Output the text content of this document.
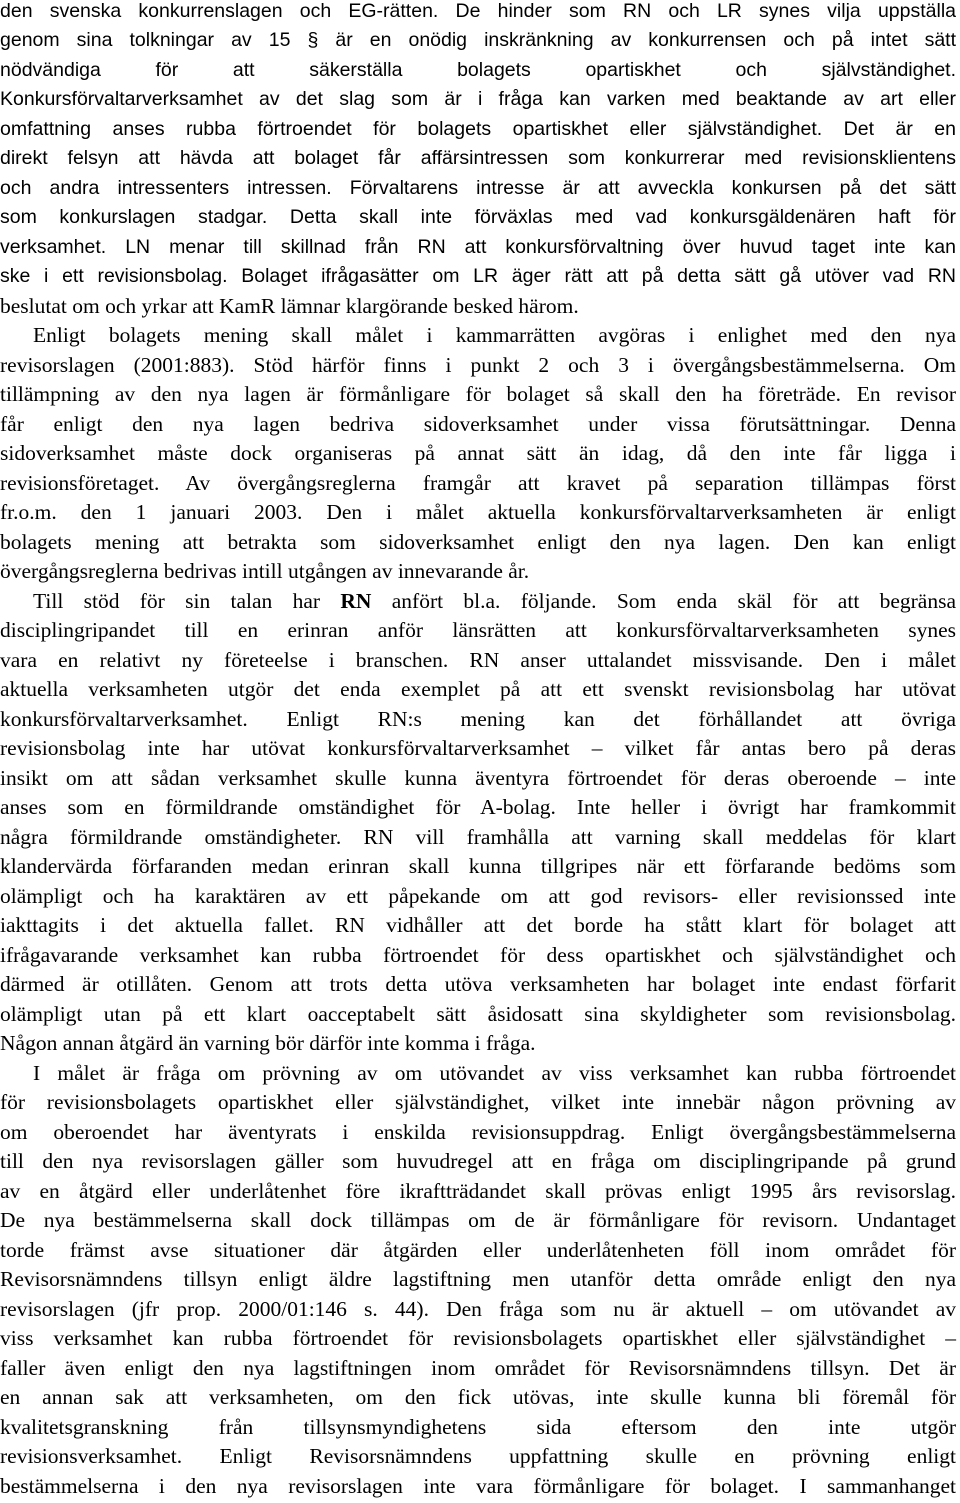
den svenska konkurrenslagen och EG-rätten. De hinder som RN och LR synes vilja uppställa
genom sina tolkningar av 15 § är en onödig inskränkning av konkurrensen och på intet sätt
nödvändiga för att säkerställa bolagets opartiskhet och självständighet.
Konkursförvaltarverksamhet av det slag som är i fråga kan varken med beaktande av art eller
omfattning anses rubba förtroendet för bolagets opartiskhet eller självständighet. Det är en
direkt felsyn att hävda att bolaget får affärsintressen som konkurrerar med revisionsklientens
och andra intressenters intressen. Förvaltarens intresse är att avveckla konkursen på det sätt
som konkurslagen stadgar. Detta skall inte förväxlas med vad konkursgäldenären haft för
verksamhet. LN menar till skillnad från RN att konkursförvaltning över huvud taget inte kan
ske i ett revisionsbolag. Bolaget ifrågasätter om LR äger rätt att på detta sätt gå utöver vad RN
beslutat om och yrkar att KamR lämnar klargörande besked härom.
Enligt bolagets mening skall målet i kammarrätten avgöras i enlighet med den nya
revisorslagen (2001:883). Stöd härför finns i punkt 2 och 3 i övergångsbestämmelserna. Om
tillämpning av den nya lagen är förmånligare för bolaget så skall den ha företräde. En revisor
får enligt den nya lagen bedriva sidoverksamhet under vissa förutsättningar. Denna
sidoverksamhet måste dock organiseras på annat sätt än idag, då den inte får ligga i
revisionsföretaget. Av övergångsreglerna framgår att kravet på separation tillämpas först
fr.o.m. den 1 januari 2003. Den i målet aktuella konkursförvaltarverksamheten är enligt
bolagets mening att betrakta som sidoverksamhet enligt den nya lagen. Den kan enligt
övergångsreglerna bedrivas intill utgången av innevarande år.
Till stöd för sin talan har RN anfört bl.a. följande. Som enda skäl för att begränsa
disciplingripandet till en erinran anför länsrätten att konkursförvaltarverksamheten synes
vara en relativt ny företeelse i branschen. RN anser uttalandet missvisande. Den i målet
aktuella verksamheten utgör det enda exemplet på att ett svenskt revisionsbolag har utövat
konkursförvaltarverksamhet. Enligt RN:s mening kan det förhållandet att övriga
revisionsbolag inte har utövat konkursförvaltarverksamhet – vilket får antas bero på deras
insikt om att sådan verksamhet skulle kunna äventyra förtroendet för deras oberoende – inte
anses som en förmildrande omständighet för A-bolag. Inte heller i övrigt har framkommit
några förmildrande omständigheter. RN vill framhålla att varning skall meddelas för klart
klandervärda förfaranden medan erinran skall kunna tillgripes när ett förfarande bedöms som
olämpligt och ha karaktären av ett påpekande om att god revisors- eller revisionssed inte
iakttagits i det aktuella fallet. RN vidhåller att det borde ha stått klart för bolaget att
ifrågavarande verksamhet kan rubba förtroendet för dess opartiskhet och självständighet och
därmed är otillåten. Genom att trots detta utöva verksamheten har bolaget inte endast förfarit
olämpligt utan på ett klart oacceptabelt sätt åsidosatt sina skyldigheter som revisionsbolag.
Någon annan åtgärd än varning bör därför inte komma i fråga.
I målet är fråga om prövning av om utövandet av viss verksamhet kan rubba förtroendet
för revisionsbolagets opartiskhet eller självständighet, vilket inte innebär någon prövning av
om oberoendet har äventyrats i enskilda revisionsuppdrag. Enligt övergångsbestämmelserna
till den nya revisorslagen gäller som huvudregel att en fråga om disciplingripande på grund
av en åtgärd eller underlåtenhet före ikraftträdandet skall prövas enligt 1995 års revisorslag.
De nya bestämmelserna skall dock tillämpas om de är förmånligare för revisorn. Undantaget
torde främst avse situationer där åtgärden eller underlåtenheten föll inom området för
Revisorsnämndens tillsyn enligt äldre lagstiftning men utanför detta område enligt den nya
revisorslagen (jfr prop. 2000/01:146 s. 44). Den fråga som nu är aktuell – om utövandet av
viss verksamhet kan rubba förtroendet för revisionsbolagets opartiskhet eller självständighet –
faller även enligt den nya lagstiftningen inom området för Revisorsnämndens tillsyn. Det är
en annan sak att verksamheten, om den fick utövas, inte skulle kunna bli föremål för
kvalitetsgranskning från tillsynsmyndighetens sida eftersom den inte utgör
revisionsverksamhet. Enligt Revisorsnämndens uppfattning skulle en prövning enligt
bestämmelserna i den nya revisorslagen inte vara förmånligare för bolaget. I sammanhanget
